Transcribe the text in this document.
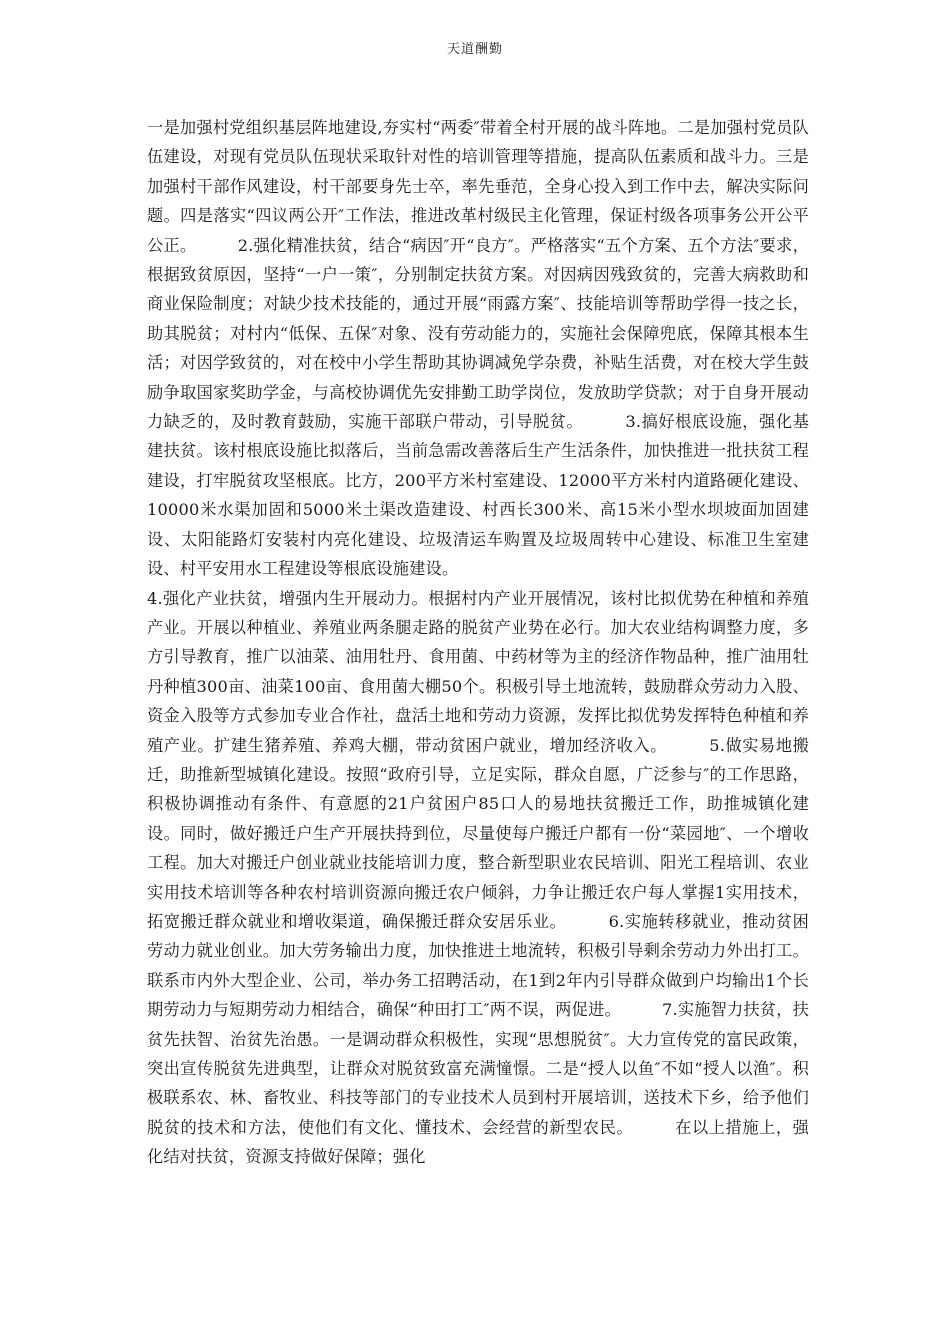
天道酬勤
一是加强村党组织基层阵地建设,夯实村“两委″带着全村开展的战斗阵地。二是加强村党员队伍建设，对现有党员队伍现状采取针对性的培训管理等措施，提高队伍素质和战斗力。三是加强村干部作风建设，村干部要身先士卒，率先垂范，全身心投入到工作中去，解决实际问题。四是落实“四议两公开″工作法，推进改革村级民主化管理，保证村级各项事务公开公平公正。　　　2.强化精准扶贫，结合“病因″开“良方″。严格落实“五个方案、五个方法″要求，根据致贫原因，坚持“一户一策″，分别制定扶贫方案。对因病因残致贫的，完善大病救助和商业保险制度；对缺少技术技能的，通过开展“雨露方案″、技能培训等帮助学得一技之长，助其脱贫；对村内“低保、五保″对象、没有劳动能力的，实施社会保障兜底，保障其根本生活；对因学致贫的，对在校中小学生帮助其协调减免学杂费，补贴生活费，对在校大学生鼓励争取国家奖助学金，与高校协调优先安排勤工助学岗位，发放助学贷款；对于自身开展动力缺乏的，及时教育鼓励，实施干部联户带动，引导脱贫。　　　3.搞好根底设施，强化基建扶贫。该村根底设施比拟落后，当前急需改善落后生产生活条件，加快推进一批扶贫工程建设，打牢脱贫攻坚根底。比方，200平方米村室建设、12000平方米村内道路硬化建设、10000米水渠加固和5000米土渠改造建设、村西长300米、高15米小型水坝坡面加固建设、太阳能路灯安装村内亮化建设、垃圾清运车购置及垃圾周转中心建设、标准卫生室建设、村平安用水工程建设等根底设施建设。
4.强化产业扶贫，增强内生开展动力。根据村内产业开展情况，该村比拟优势在种植和养殖产业。开展以种植业、养殖业两条腿走路的脱贫产业势在必行。加大农业结构调整力度，多方引导教育，推广以油菜、油用牡丹、食用菌、中药材等为主的经济作物品种，推广油用牡丹种植300亩、油菜100亩、食用菌大棚50个。积极引导土地流转，鼓励群众劳动力入股、资金入股等方式参加专业合作社，盘活土地和劳动力资源，发挥比拟优势发挥特色种植和养殖产业。扩建生猪养殖、养鸡大棚，带动贫困户就业，增加经济收入。　　　5.做实易地搬迁，助推新型城镇化建设。按照“政府引导，立足实际，群众自愿，广泛参与″的工作思路，积极协调推动有条件、有意愿的21户贫困户85口人的易地扶贫搬迁工作，助推城镇化建设。同时，做好搬迁户生产开展扶持到位，尽量使每户搬迁户都有一份“菜园地″、一个增收工程。加大对搬迁户创业就业技能培训力度，整合新型职业农民培训、阳光工程培训、农业实用技术培训等各种农村培训资源向搬迁农户倾斜，力争让搬迁农户每人掌握1实用技术，拓宽搬迁群众就业和增收渠道，确保搬迁群众安居乐业。　　　6.实施转移就业，推动贫困劳动力就业创业。加大劳务输出力度，加快推进土地流转，积极引导剩余劳动力外出打工。联系市内外大型企业、公司，举办务工招聘活动，在1到2年内引导群众做到户均输出1个长期劳动力与短期劳动力相结合，确保“种田打工″两不误，两促进。　　　7.实施智力扶贫，扶贫先扶智、治贫先治愚。一是调动群众积极性，实现“思想脱贫″。大力宣传党的富民政策，突出宣传脱贫先进典型，让群众对脱贫致富充满憧憬。二是“授人以鱼″不如“授人以渔″。积极联系农、林、畜牧业、科技等部门的专业技术人员到村开展培训，送技术下乡，给予他们脱贫的技术和方法，使他们有文化、懂技术、会经营的新型农民。　　　在以上措施上，强化结对扶贫，资源支持做好保障；强化
